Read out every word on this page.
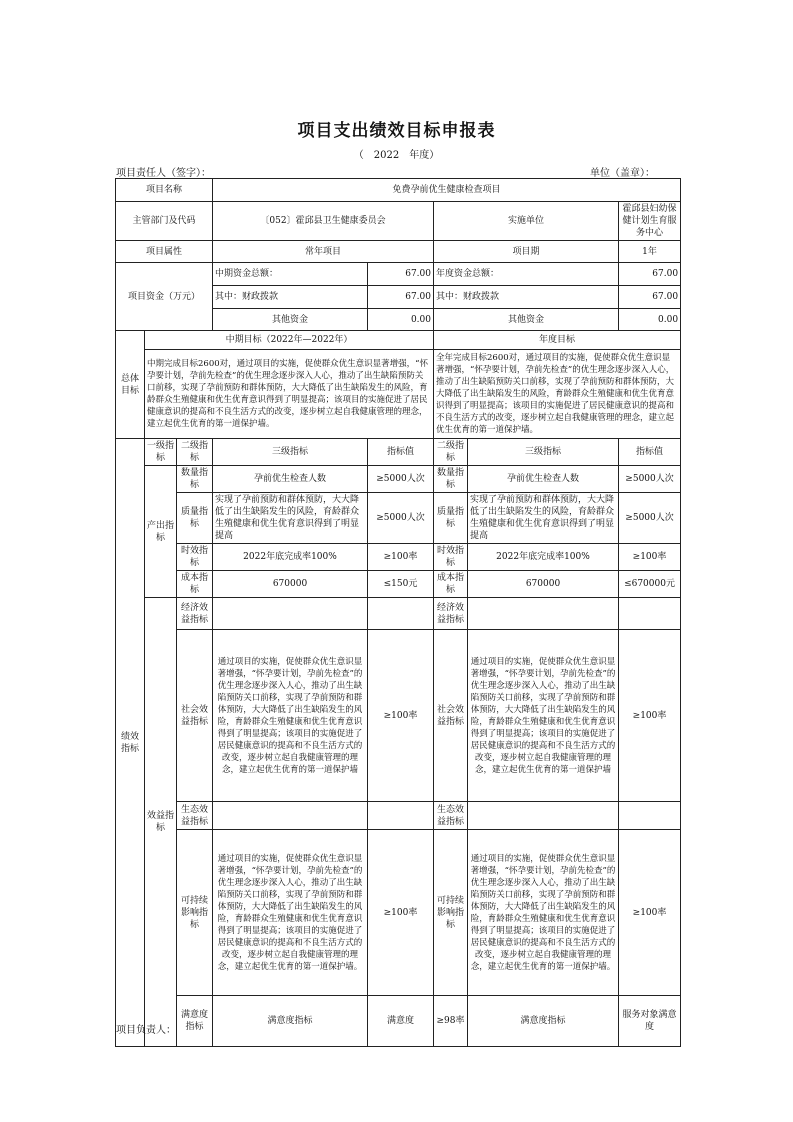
项目支出绩效目标申报表
（　2022　年度）
项目责任人（签字）：	单位（盖章）：
项目名称			免费孕前优生健康检查项目					
主管部门及代码			〔052〕霍邱县卫生健康委员会		实施单位		霍邱县妇幼保健计划生育服务中心	
项目属性			常年项目		项目期		1年	
项目资金（万元）			中期资金总额：	67.00	年度资金总额：		67.00	
			其中：财政拨款	67.00	其中：财政拨款		67.00	
			其他资金	0.00	其他资金		0.00	
总体目标	中期目标（2022年—2022年）				年度目标			
	中期完成目标2600对，通过项目的实施，促使群众优生意识显著增强，“怀孕要计划，孕前先检查”的优生理念逐步深入人心，推动了出生缺陷预防关口前移，实现了孕前预防和群体预防，大大降低了出生缺陷发生的风险，育龄群众生殖健康和优生优育意识得到了明显提高；该项目的实施促进了居民健康意识的提高和不良生活方式的改变，逐步树立起自我健康管理的理念，建立起优生优育的第一道保护墙。				全年完成目标2600对，通过项目的实施，促使群众优生意识显著增强，“怀孕要计划，孕前先检查”的优生理念逐步深入人心，推动了出生缺陷预防关口前移，实现了孕前预防和群体预防，大大降低了出生缺陷发生的风险，育龄群众生殖健康和优生优育意识得到了明显提高；该项目的实施促进了居民健康意识的提高和不良生活方式的改变，逐步树立起自我健康管理的理念，建立起优生优育的第一道保护墙。			
绩效指标	一级指标	二级指标	三级指标	指标值	二级指标	三级指标	指标值	
	产出指标	数量指标	孕前优生检查人数	≥5000人次	数量指标	孕前优生检查人数	≥5000人次	
		质量指标	实现了孕前预防和群体预防，大大降低了出生缺陷发生的风险，育龄群众生殖健康和优生优育意识得到了明显提高	≥5000人次	质量指标	实现了孕前预防和群体预防，大大降低了出生缺陷发生的风险，育龄群众生殖健康和优生优育意识得到了明显提高	≥5000人次	
		时效指标	2022年底完成率100%	≥100率	时效指标	2022年底完成率100%	≥100率	
		成本指标	670000	≤150元	成本指标	670000	≤670000元	
	效益指标	经济效益指标			经济效益指标			
		社会效益指标	通过项目的实施，促使群众优生意识显著增强，“怀孕要计划，孕前先检查”的优生理念逐步深入人心，推动了出生缺陷预防关口前移，实现了孕前预防和群体预防，大大降低了出生缺陷发生的风险，育龄群众生殖健康和优生优育意识得到了明显提高；该项目的实施促进了居民健康意识的提高和不良生活方式的改变，逐步树立起自我健康管理的理念，建立起优生优育的第一道保护墙	≥100率	社会效益指标	通过项目的实施，促使群众优生意识显著增强，“怀孕要计划，孕前先检查”的优生理念逐步深入人心，推动了出生缺陷预防关口前移，实现了孕前预防和群体预防，大大降低了出生缺陷发生的风险，育龄群众生殖健康和优生优育意识得到了明显提高；该项目的实施促进了居民健康意识的提高和不良生活方式的改变，逐步树立起自我健康管理的理念，建立起优生优育的第一道保护墙	≥100率	
		生态效益指标			生态效益指标			
		可持续影响指标	通过项目的实施，促使群众优生意识显著增强，“怀孕要计划，孕前先检查”的优生理念逐步深入人心，推动了出生缺陷预防关口前移，实现了孕前预防和群体预防，大大降低了出生缺陷发生的风险，育龄群众生殖健康和优生优育意识得到了明显提高；该项目的实施促进了居民健康意识的提高和不良生活方式的改变，逐步树立起自我健康管理的理念，建立起优生优育的第一道保护墙。	≥100率	可持续影响指标	通过项目的实施，促使群众优生意识显著增强，“怀孕要计划，孕前先检查”的优生理念逐步深入人心，推动了出生缺陷预防关口前移，实现了孕前预防和群体预防，大大降低了出生缺陷发生的风险，育龄群众生殖健康和优生优育意识得到了明显提高；该项目的实施促进了居民健康意识的提高和不良生活方式的改变，逐步树立起自我健康管理的理念，建立起优生优育的第一道保护墙。	≥100率	
		满意度指标	满意度指标	满意度	≥98率	满意度指标	服务对象满意度	
项目负责人：
